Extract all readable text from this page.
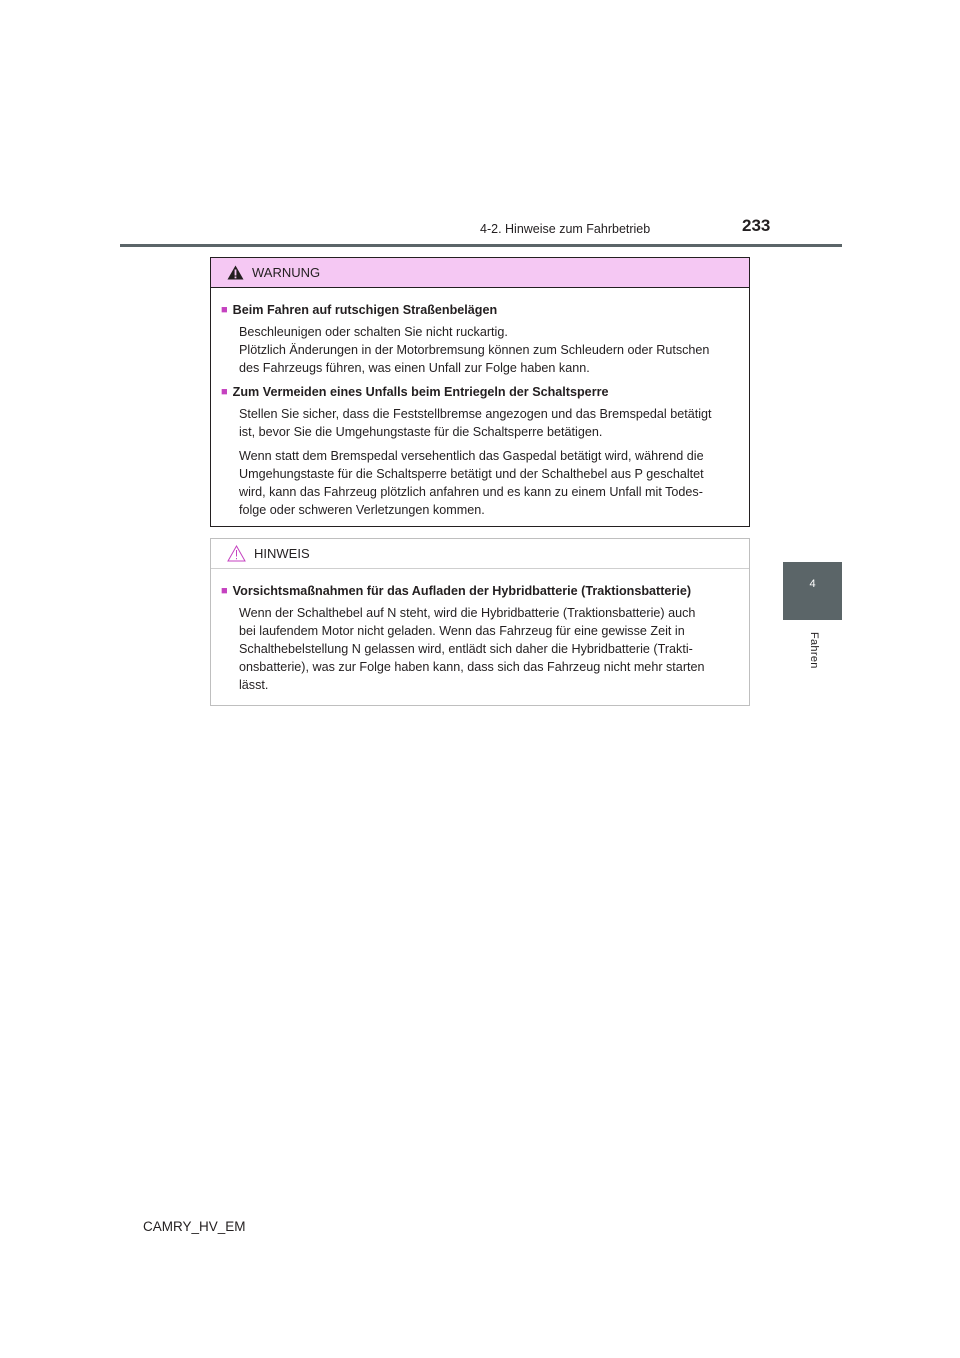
4-2. Hinweise zum Fahrbetrieb	233
4
Fahren
WARNUNG
■ Beim Fahren auf rutschigen Straßenbelägen
Beschleunigen oder schalten Sie nicht ruckartig.
Plötzlich Änderungen in der Motorbremsung können zum Schleudern oder Rutschen
des Fahrzeugs führen, was einen Unfall zur Folge haben kann.
■ Zum Vermeiden eines Unfalls beim Entriegeln der Schaltsperre
Stellen Sie sicher, dass die Feststellbremse angezogen und das Bremspedal betätigt
ist, bevor Sie die Umgehungstaste für die Schaltsperre betätigen.
Wenn statt dem Bremspedal versehentlich das Gaspedal betätigt wird, während die
Umgehungstaste für die Schaltsperre betätigt und der Schalthebel aus P geschaltet
wird, kann das Fahrzeug plötzlich anfahren und es kann zu einem Unfall mit Todes-
folge oder schweren Verletzungen kommen.
HINWEIS
■ Vorsichtsmaßnahmen für das Aufladen der Hybridbatterie (Traktionsbatterie)
Wenn der Schalthebel auf N steht, wird die Hybridbatterie (Traktionsbatterie) auch
bei laufendem Motor nicht geladen. Wenn das Fahrzeug für eine gewisse Zeit in
Schalthebelstellung N gelassen wird, entlädt sich daher die Hybridbatterie (Trakti-
onsbatterie), was zur Folge haben kann, dass sich das Fahrzeug nicht mehr starten
lässt.
CAMRY_HV_EM
